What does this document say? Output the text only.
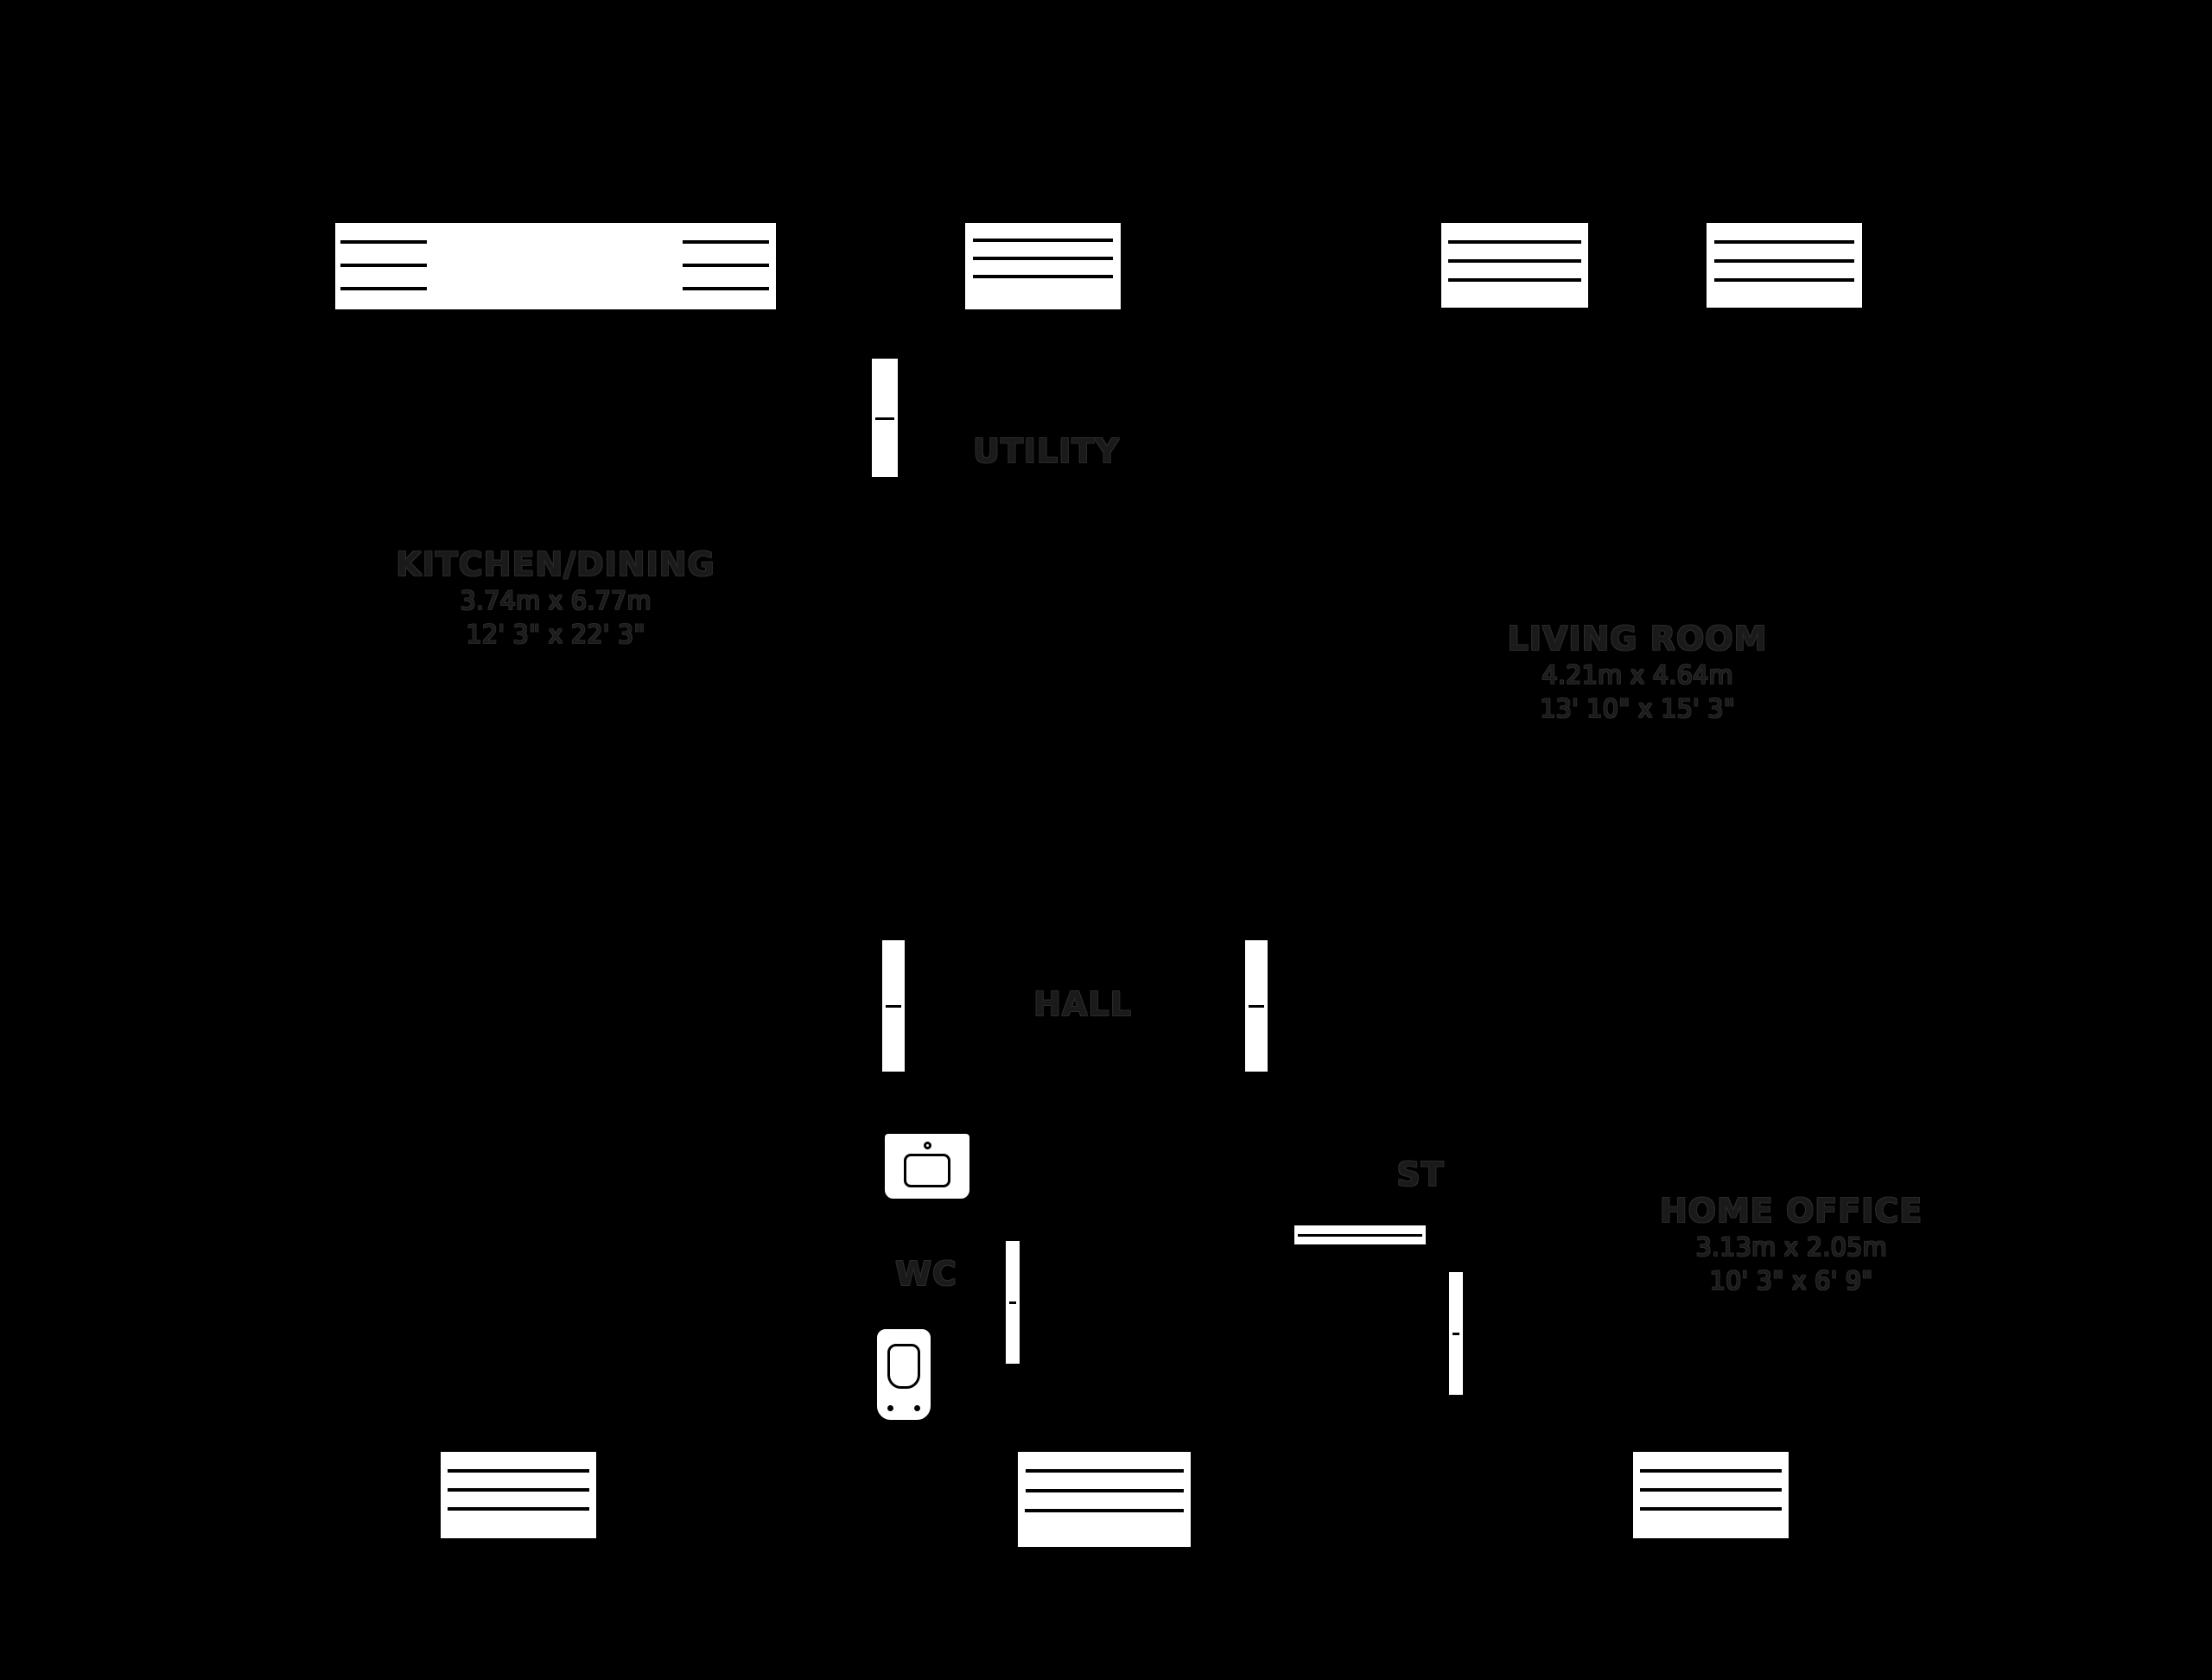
KITCHEN/DINING
3.74m x 6.77m
12' 3" x 22' 3"
UTILITY
LIVING ROOM
4.21m x 4.64m
13' 10" x 15' 3"
HALL
WC
ST
HOME OFFICE
3.13m x 2.05m
10' 3" x 6' 9"
